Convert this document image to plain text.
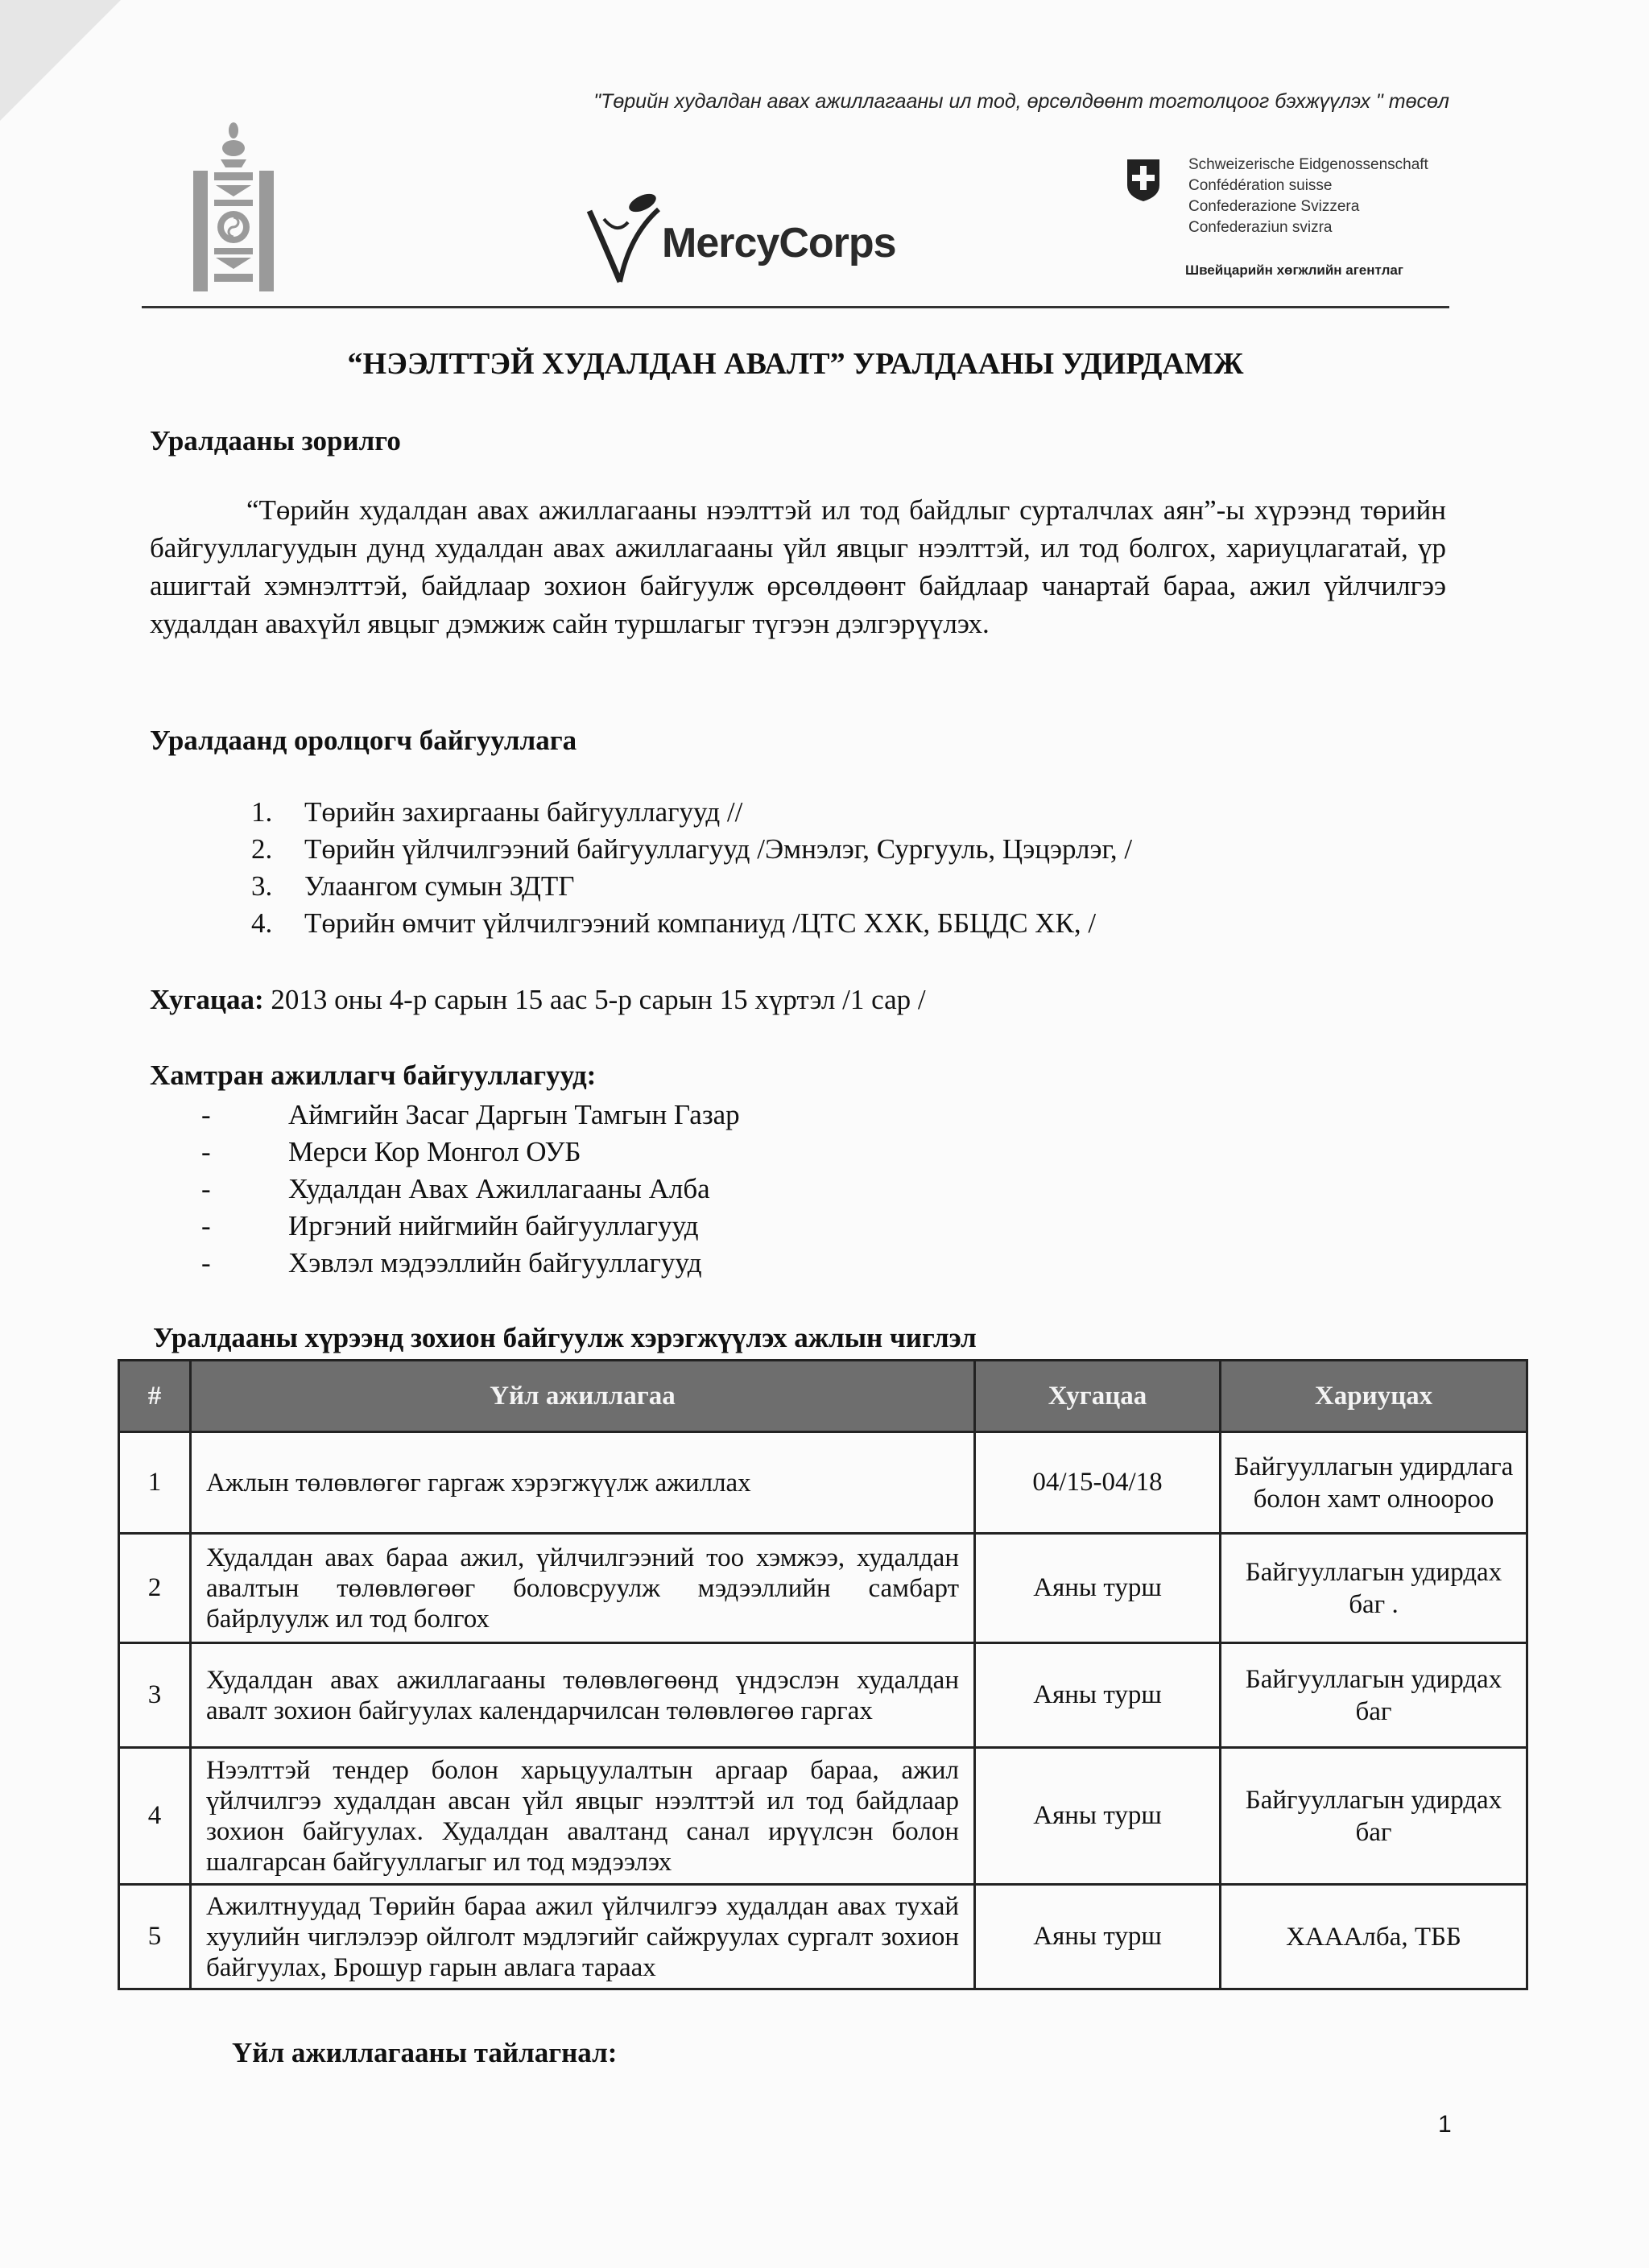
"Төрийн худалдан авах ажиллагааны ил тод, өрсөлдөөнт тогтолцоог бэхжүүлэх " төсөл
MercyCorps
Schweizerische Eidgenossenschaft
Confédération suisse
Confederazione Svizzera
Confederaziun svizra
Швейцарийн хөгжлийн агентлаг
“НЭЭЛТТЭЙ ХУДАЛДАН АВАЛТ” УРАЛДААНЫ УДИРДАМЖ
Уралдааны зорилго
“Төрийн худалдан авах ажиллагааны нээлттэй ил тод байдлыг сурталчлах аян”-ы хүрээнд төрийн байгууллагуудын дунд худалдан авах ажиллагааны үйл явцыг нээлттэй, ил тод болгох, хариуцлагатай, үр ашигтай хэмнэлттэй, байдлаар зохион байгуулж өрсөлдөөнт байдлаар чанартай бараа, ажил үйлчилгээ худалдан авахүйл явцыг дэмжиж сайн туршлагыг түгээн дэлгэрүүлэх.
Уралдаанд оролцогч байгууллага
1. Төрийн захиргааны байгууллагууд //
2. Төрийн үйлчилгээний байгууллагууд /Эмнэлэг, Сургууль, Цэцэрлэг, /
3. Улаангом сумын ЗДТГ
4. Төрийн өмчит үйлчилгээний компаниуд /ЦТС ХХК, ББЦДС ХК, /
Хугацаа: 2013 оны 4-р сарын 15 аас 5-р сарын 15 хүртэл /1 сар /
Хамтран ажиллагч байгууллагууд:
-	Аймгийн Засаг Даргын Тамгын Газар
-	Мерси Кор Монгол ОУБ
-	Худалдан Авах Ажиллагааны Алба
-	Иргэний нийгмийн байгууллагууд
-	Хэвлэл мэдээллийн байгууллагууд
Уралдааны хүрээнд зохион байгуулж хэрэгжүүлэх ажлын чиглэл
#	Үйл ажиллагаа	Хугацаа	Хариуцах
1	Ажлын төлөвлөгөг гаргаж хэрэгжүүлж ажиллах	04/15-04/18	Байгууллагын удирдлага болон хамт олноороо
2	Худалдан авах бараа ажил, үйлчилгээний тоо хэмжээ, худалдан авалтын төлөвлөгөөг боловсруулж мэдээллийн самбарт байрлуулж ил тод болгох	Аяны турш	Байгууллагын удирдах баг .
3	Худалдан авах ажиллагааны төлөвлөгөөнд үндэслэн худалдан авалт зохион байгуулах календарчилсан төлөвлөгөө гаргах	Аяны турш	Байгууллагын удирдах баг
4	Нээлттэй тендер болон харьцуулалтын аргаар бараа, ажил үйлчилгээ худалдан авсан үйл явцыг нээлттэй ил тод байдлаар зохион байгуулах. Худалдан авалтанд санал ирүүлсэн болон шалгарсан байгууллагыг ил тод мэдээлэх	Аяны турш	Байгууллагын удирдах баг
5	Ажилтнуудад Төрийн бараа ажил үйлчилгээ худалдан авах тухай хуулийн чиглэлээр ойлголт мэдлэгийг сайжруулах сургалт зохион байгуулах, Брошур гарын авлага тараах	Аяны турш	ХАААлба, ТББ
Үйл ажиллагааны тайлагнал:
1
